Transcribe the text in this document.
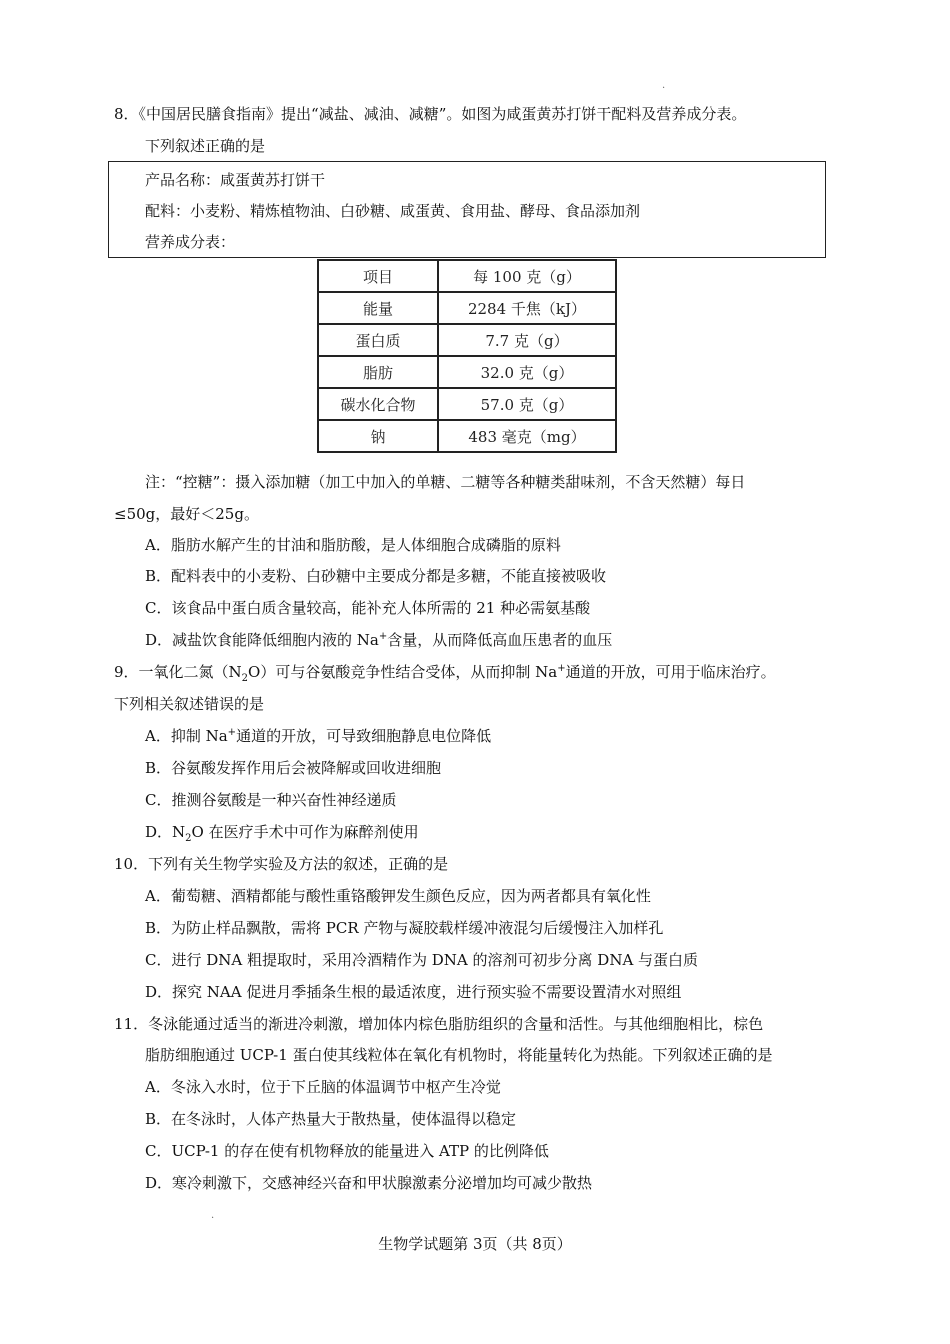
.
8．《中国居民膳食指南》提出“减盐、减油、减糖”。如图为咸蛋黄苏打饼干配料及营养成分表。
下列叙述正确的是
产品名称：咸蛋黄苏打饼干
配料：小麦粉、精炼植物油、白砂糖、咸蛋黄、食用盐、酵母、食品添加剂
营养成分表：
项目	每 100 克（g）
能量	2284 千焦（kJ）
蛋白质	7.7 克（g）
脂肪	32.0 克（g）
碳水化合物	57.0 克（g）
钠	483 毫克（mg）
注：“控糖”：摄入添加糖（加工中加入的单糖、二糖等各种糖类甜味剂，不含天然糖）每日
≤50g，最好＜25g。
A．脂肪水解产生的甘油和脂肪酸，是人体细胞合成磷脂的原料
B．配料表中的小麦粉、白砂糖中主要成分都是多糖，不能直接被吸收
C．该食品中蛋白质含量较高，能补充人体所需的 21 种必需氨基酸
D．减盐饮食能降低细胞内液的 Na+含量，从而降低高血压患者的血压
9．一氧化二氮$(N_2O)$可与谷氨酸竞争性结合受体，从而抑制 Na+通道的开放，可用于临床治疗。
下列相关叙述错误的是
A．抑制 Na+通道的开放，可导致细胞静息电位降低
B．谷氨酸发挥作用后会被降解或回收进细胞
C．推测谷氨酸是一种兴奋性神经递质
D．$N_2O$ 在医疗手术中可作为麻醉剂使用
10．下列有关生物学实验及方法的叙述，正确的是
A．葡萄糖、酒精都能与酸性重铬酸钾发生颜色反应，因为两者都具有氧化性
B．为防止样品飘散，需将 PCR 产物与凝胶载样缓冲液混匀后缓慢注入加样孔
C．进行 DNA 粗提取时，采用冷酒精作为 DNA 的溶剂可初步分离 DNA 与蛋白质
D．探究 NAA 促进月季插条生根的最适浓度，进行预实验不需要设置清水对照组
11．冬泳能通过适当的渐进冷刺激，增加体内棕色脂肪组织的含量和活性。与其他细胞相比，棕色
脂肪细胞通过 UCP-1 蛋白使其线粒体在氧化有机物时，将能量转化为热能。下列叙述正确的是
A．冬泳入水时，位于下丘脑的体温调节中枢产生冷觉
B．在冬泳时，人体产热量大于散热量，使体温得以稳定
C．UCP-1 的存在使有机物释放的能量进入 ATP 的比例降低
D．寒冷刺激下，交感神经兴奋和甲状腺激素分泌增加均可减少散热
.
生物学试题第 3页（共 8页）
